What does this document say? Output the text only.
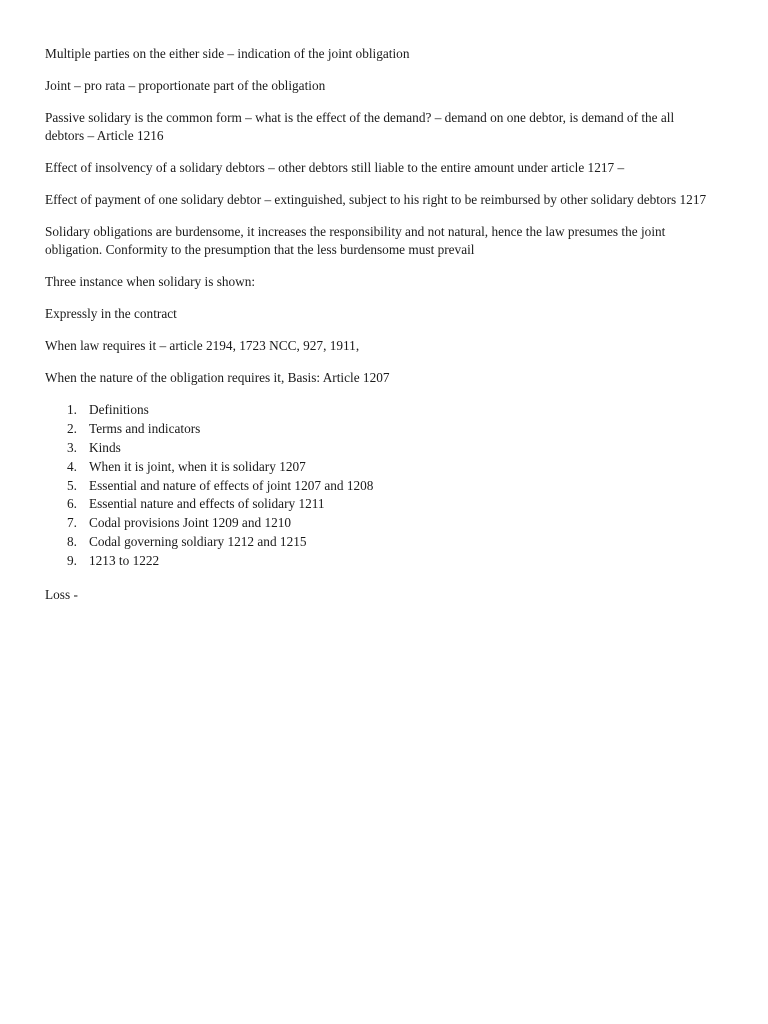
Multiple parties on the either side – indication of the joint obligation

Joint – pro rata – proportionate part of the obligation

Passive solidary is the common form – what is the effect of the demand? – demand on one debtor, is demand of the all debtors – Article 1216

Effect of insolvency of a solidary debtors – other debtors still liable to the entire amount under article 1217 –

Effect of payment of one solidary debtor – extinguished, subject to his right to be reimbursed by other solidary debtors 1217

Solidary obligations are burdensome, it increases the responsibility and not natural, hence the law presumes the joint obligation. Conformity to the presumption that the less burdensome must prevail

Three instance when solidary is shown:

Expressly in the contract

When law requires it – article 2194, 1723 NCC, 927, 1911,

When the nature of the obligation requires it, Basis: Article 1207

1. Definitions
2. Terms and indicators
3. Kinds
4. When it is joint, when it is solidary 1207
5. Essential and nature of effects of joint 1207 and 1208
6. Essential nature and effects of solidary 1211
7. Codal provisions Joint 1209 and 1210
8. Codal governing soldiary 1212 and 1215
9. 1213 to 1222

Loss -
